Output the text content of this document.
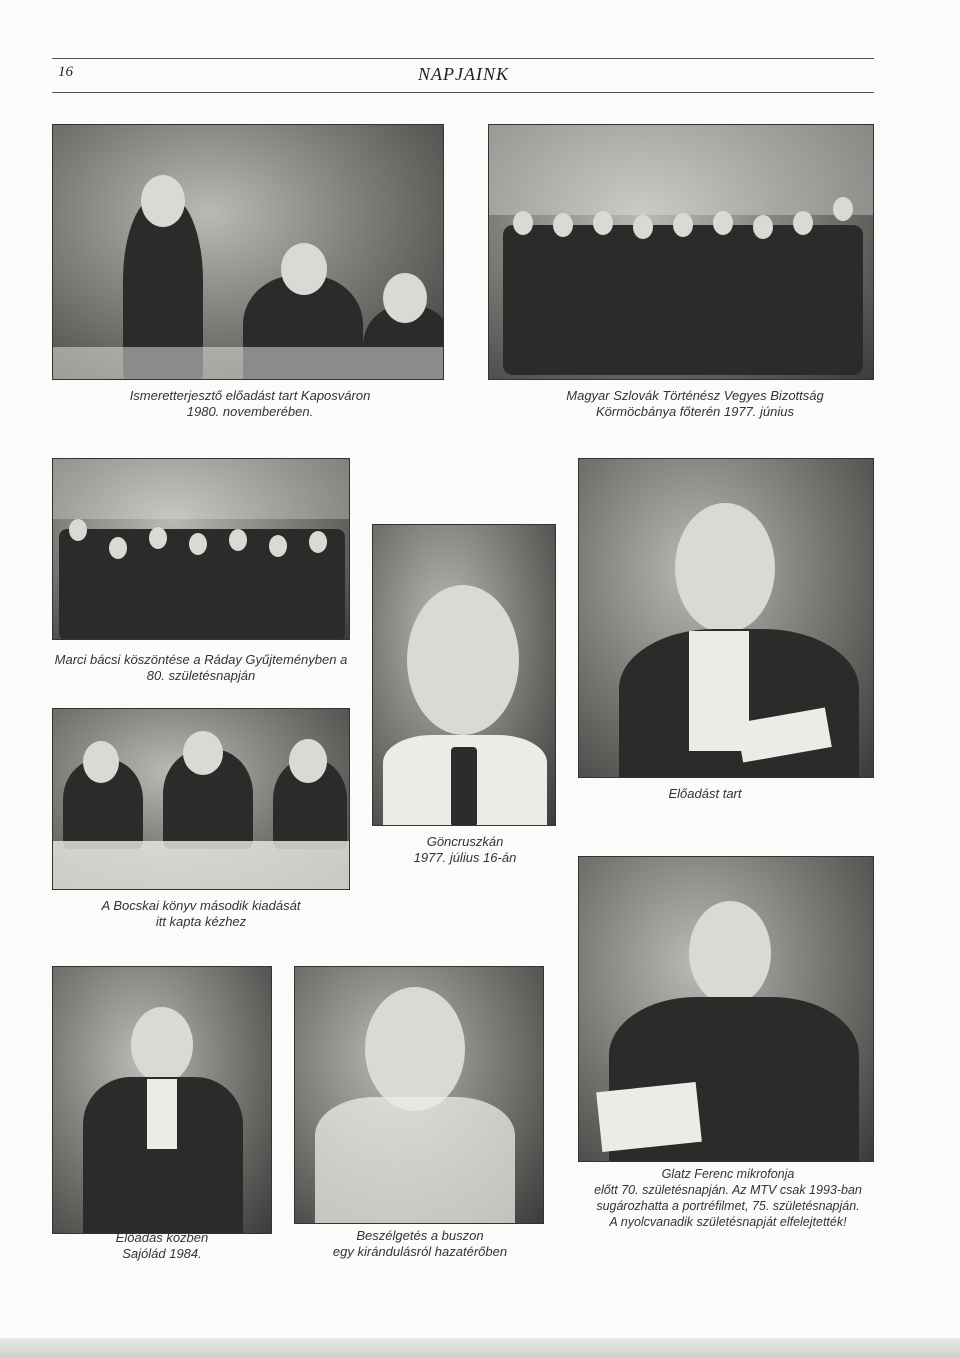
16	NAPJAINK
Ismeretterjesztő előadást tart Kaposváron
1980. novemberében.
Magyar Szlovák Történész Vegyes Bizottság
Körmöcbánya főterén 1977. június
Marci bácsi köszöntése a Ráday Gyűjteményben a
80. születésnapján
Göncruszkán
1977. július 16-án
Előadást tart
A Bocskai könyv második kiadását
itt kapta kézhez
Előadás közben
Sajólád 1984.
Beszélgetés a buszon
egy kirándulásról hazatérőben
Glatz Ferenc mikrofonja
előtt 70. születésnapján. Az MTV csak 1993-ban
sugározhatta a portréfilmet, 75. születésnapján.
A nyolcvanadik születésnapját elfelejtették!
